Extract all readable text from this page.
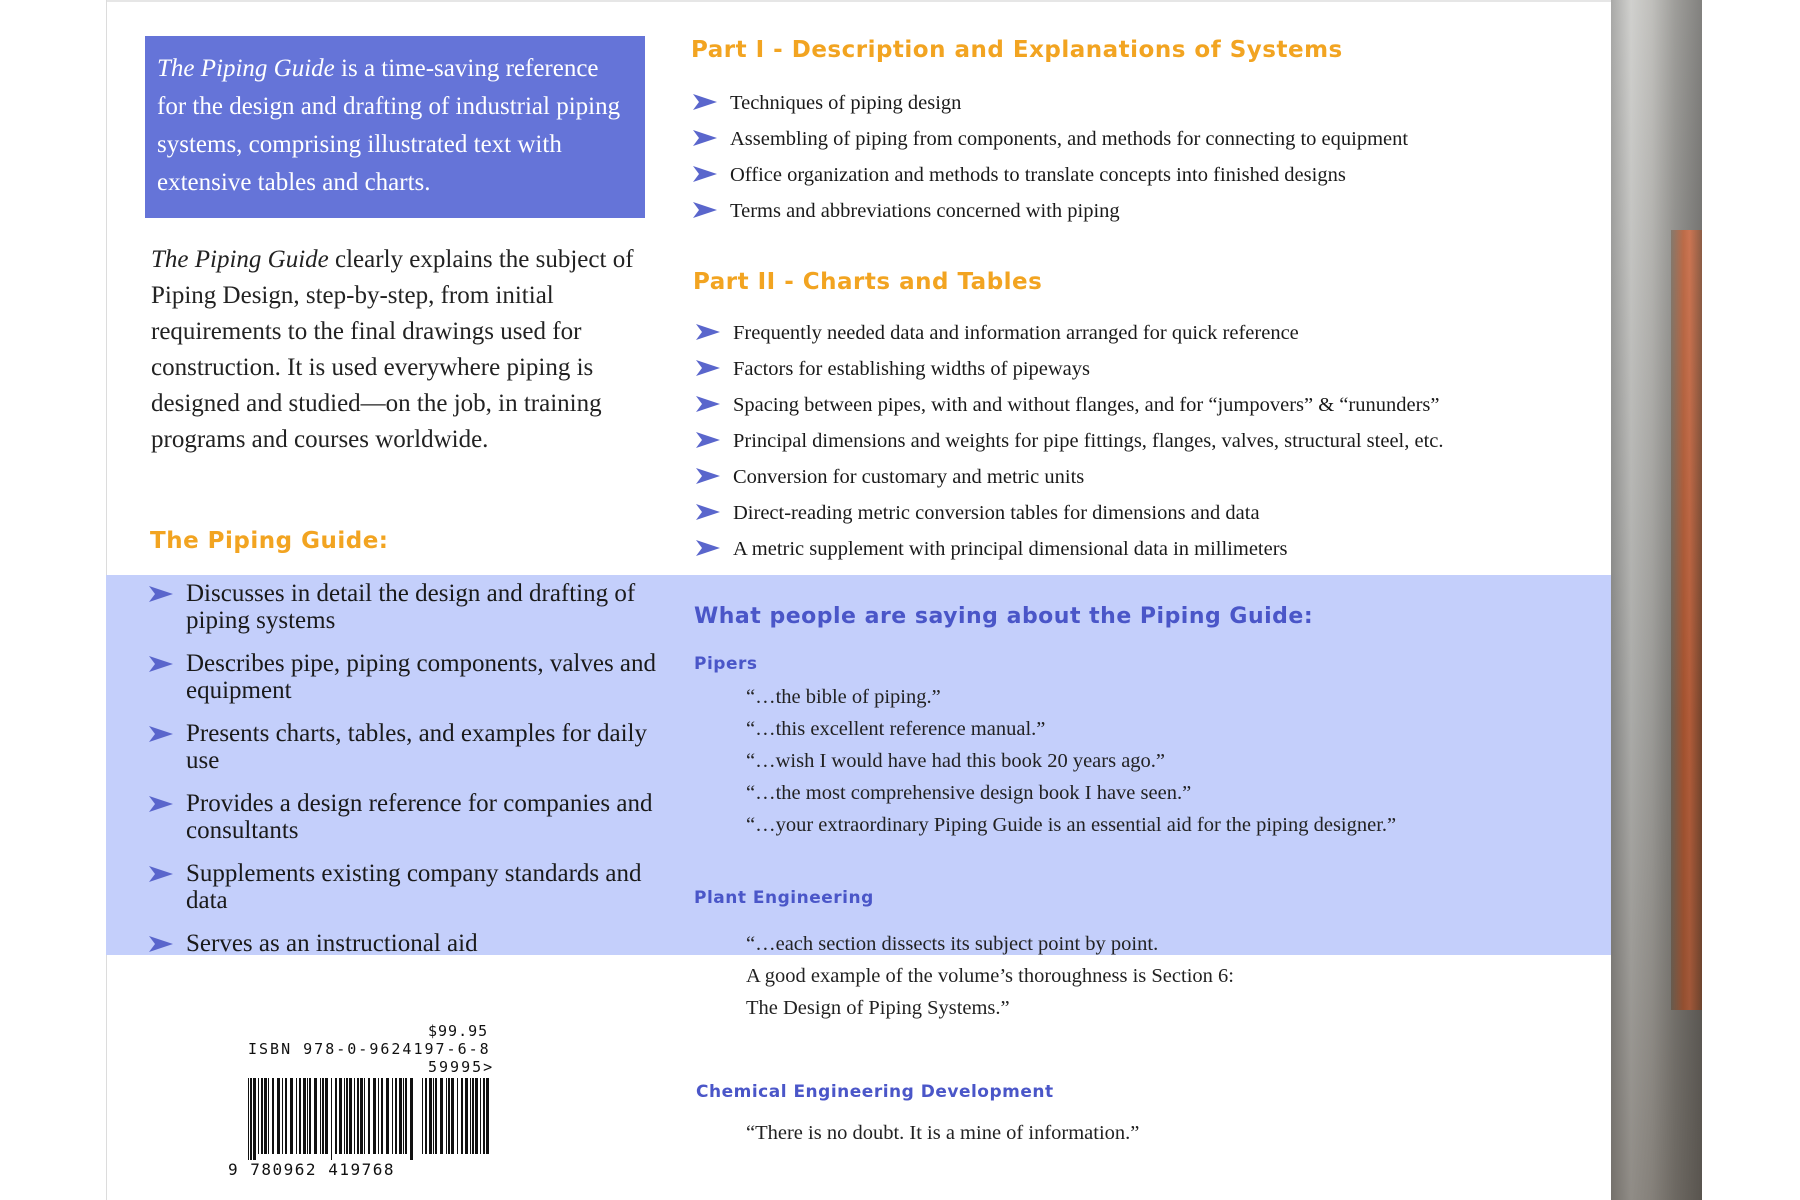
The Piping Guide is a time-saving reference for the design and drafting of industrial piping systems, comprising illustrated text with extensive tables and charts.
The Piping Guide clearly explains the subject of Piping Design, step-by-step, from initial requirements to the final drawings used for construction. It is used everywhere piping is designed and studied—on the job, in training programs and courses worldwide.
The Piping Guide:
Discusses in detail the design and drafting of piping systems
Describes pipe, piping components, valves and equipment
Presents charts, tables, and examples for daily use
Provides a design reference for companies and consultants
Supplements existing company standards and data
Serves as an instructional aid
Part I - Description and Explanations of Systems
Techniques of piping design
Assembling of piping from components, and methods for connecting to equipment
Office organization and methods to translate concepts into finished designs
Terms and abbreviations concerned with piping
Part II - Charts and Tables
Frequently needed data and information arranged for quick reference
Factors for establishing widths of pipeways
Spacing between pipes, with and without flanges, and for “jumpovers” & “rununders”
Principal dimensions and weights for pipe fittings, flanges, valves, structural steel, etc.
Conversion for customary and metric units
Direct-reading metric conversion tables for dimensions and data
A metric supplement with principal dimensional data in millimeters
What people are saying about the Piping Guide:
Pipers
“…the bible of piping.”
“…this excellent reference manual.”
“…wish I would have had this book 20 years ago.”
“…the most comprehensive design book I have seen.”
“…your extraordinary Piping Guide is an essential aid for the piping designer.”
Plant Engineering
“…each section dissects its subject point by point.
A good example of the volume’s thoroughness is Section 6:
The Design of Piping Systems.”
Chemical Engineering Development
“There is no doubt. It is a mine of information.”
$99.95
ISBN 978-0-9624197-6-8
59995>
9 780962 419768
